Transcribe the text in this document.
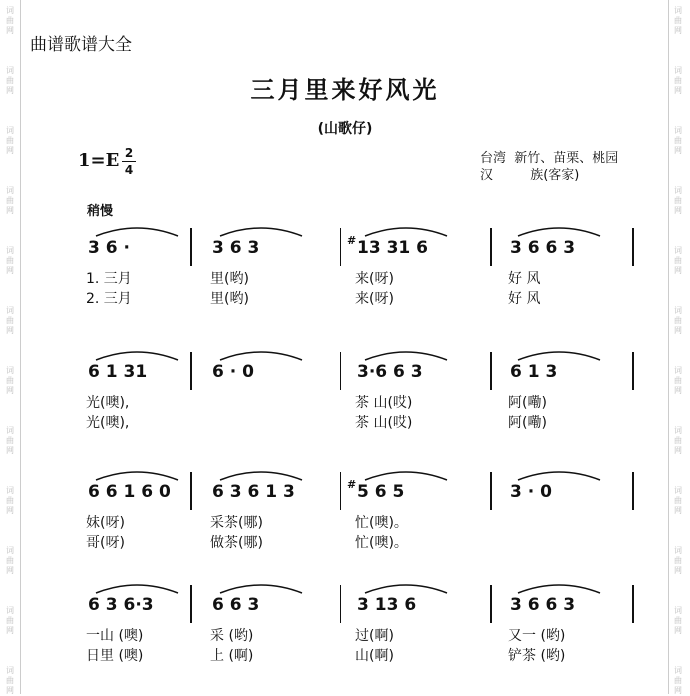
词
曲
网
词
曲
网
词
曲
网
词
曲
网
词
曲
网
词
曲
网
词
曲
网
词
曲
网
词
曲
网
词
曲
网
词
曲
网
词
曲
网
词
曲
网
词
曲
网
词
曲
网
词
曲
网
词
曲
网
词
曲
网
词
曲
网
词
曲
网
词
曲
网
词
曲
网
词
曲
网
词
曲
网
曲谱歌谱大全
三月里来好风光
(山歌仔)
1=E 2
4
台湾  新竹、苗栗、桃园
汉         族(客家)
稍慢
3 6 ·
1. 三月
2. 三月
3 6 3
里(哟)
里(哟)
# 13 31 6
来(呀)
来(呀)
3 6 6 3
好 风
好 风
6 1 31
光(噢),
光(噢),
6 · 0	3·6 6 3
茶 山(哎)
茶 山(哎)
6 1 3
阿(嘞)
阿(嘞)
6 6 1 6 0
妹(呀)
哥(呀)
6 3 6 1 3
采茶(哪)
做茶(哪)
# 5 6 5
忙(噢)。
忙(噢)。
3 · 0
6 3 6·3
一山 (噢)
日里 (噢)
6 6 3
采 (哟)
上 (啊)
3 13 6
过(啊)
山(啊)
3 6 6 3
又一 (哟)
铲茶 (哟)
